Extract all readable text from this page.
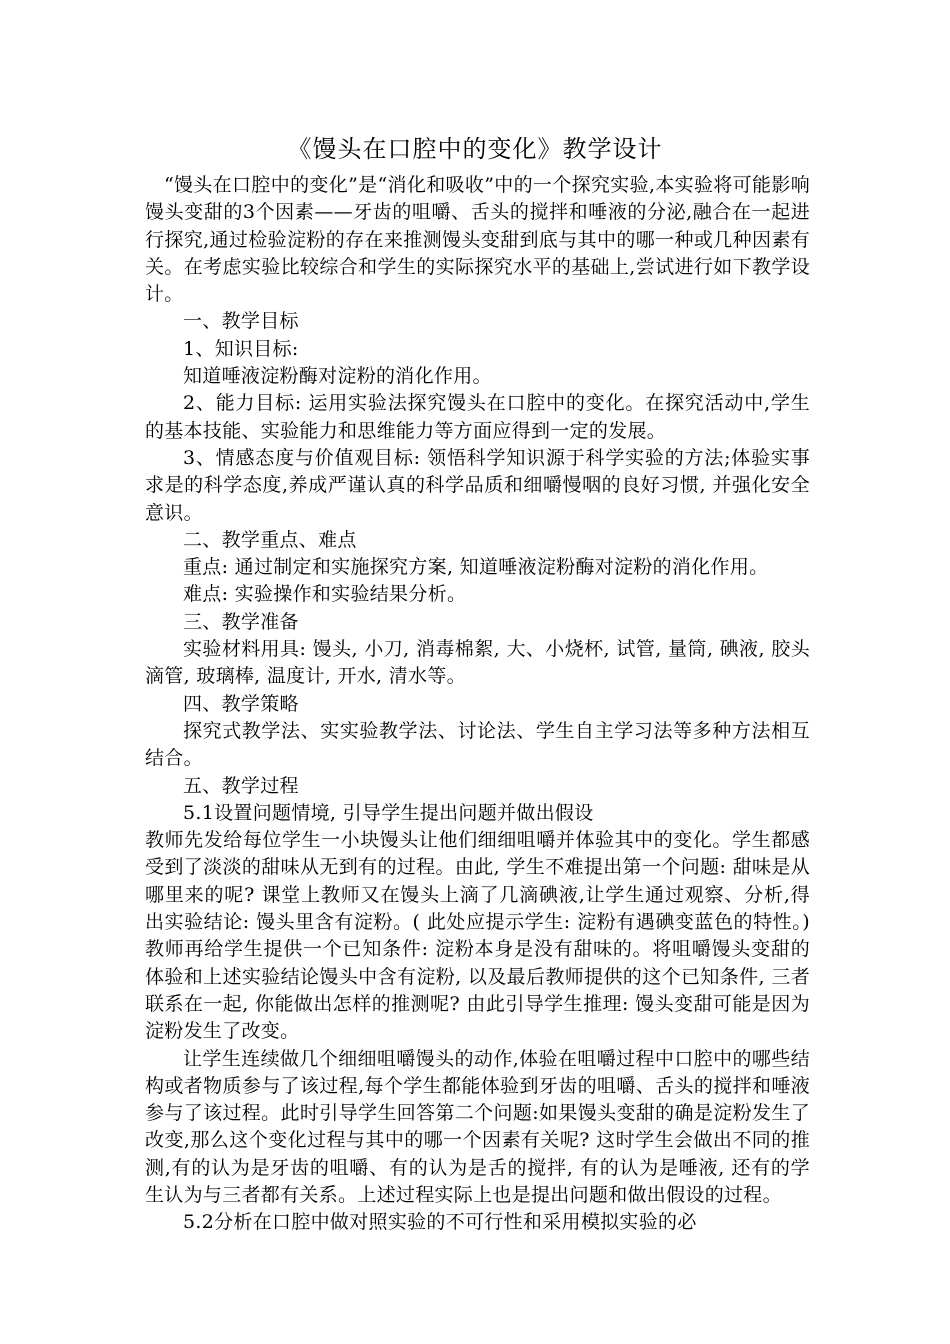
《馒头在口腔中的变化》教学设计

“馒头在口腔中的变化”是“消化和吸收”中的一个探究实验,本实验将可能影响馒头变甜的3个因素——牙齿的咀嚼、舌头的搅拌和唾液的分泌,融合在一起进行探究,通过检验淀粉的存在来推测馒头变甜到底与其中的哪一种或几种因素有关。在考虑实验比较综合和学生的实际探究水平的基础上,尝试进行如下教学设计。

一、教学目标

1、知识目标:

知道唾液淀粉酶对淀粉的消化作用。

2、能力目标: 运用实验法探究馒头在口腔中的变化。在探究活动中,学生的基本技能、实验能力和思维能力等方面应得到一定的发展。

3、情感态度与价值观目标: 领悟科学知识源于科学实验的方法;体验实事求是的科学态度,养成严谨认真的科学品质和细嚼慢咽的良好习惯, 并强化安全意识。

二、教学重点、难点

重点: 通过制定和实施探究方案, 知道唾液淀粉酶对淀粉的消化作用。

难点: 实验操作和实验结果分析。

三、教学准备

实验材料用具: 馒头, 小刀, 消毒棉絮, 大、小烧杯, 试管, 量筒, 碘液, 胶头滴管, 玻璃棒, 温度计, 开水, 清水等。

四、教学策略

探究式教学法、实实验教学法、讨论法、学生自主学习法等多种方法相互结合。

五、教学过程

5.1设置问题情境, 引导学生提出问题并做出假设

教师先发给每位学生一小块馒头让他们细细咀嚼并体验其中的变化。学生都感受到了淡淡的甜味从无到有的过程。由此, 学生不难提出第一个问题: 甜味是从哪里来的呢? 课堂上教师又在馒头上滴了几滴碘液,让学生通过观察、分析,得出实验结论: 馒头里含有淀粉。( 此处应提示学生: 淀粉有遇碘变蓝色的特性。) 教师再给学生提供一个已知条件: 淀粉本身是没有甜味的。将咀嚼馒头变甜的体验和上述实验结论馒头中含有淀粉, 以及最后教师提供的这个已知条件, 三者联系在一起, 你能做出怎样的推测呢? 由此引导学生推理: 馒头变甜可能是因为淀粉发生了改变。

让学生连续做几个细细咀嚼馒头的动作,体验在咀嚼过程中口腔中的哪些结构或者物质参与了该过程,每个学生都能体验到牙齿的咀嚼、舌头的搅拌和唾液参与了该过程。此时引导学生回答第二个问题:如果馒头变甜的确是淀粉发生了改变,那么这个变化过程与其中的哪一个因素有关呢? 这时学生会做出不同的推测,有的认为是牙齿的咀嚼、有的认为是舌的搅拌, 有的认为是唾液, 还有的学生认为与三者都有关系。上述过程实际上也是提出问题和做出假设的过程。

5.2分析在口腔中做对照实验的不可行性和采用模拟实验的必
